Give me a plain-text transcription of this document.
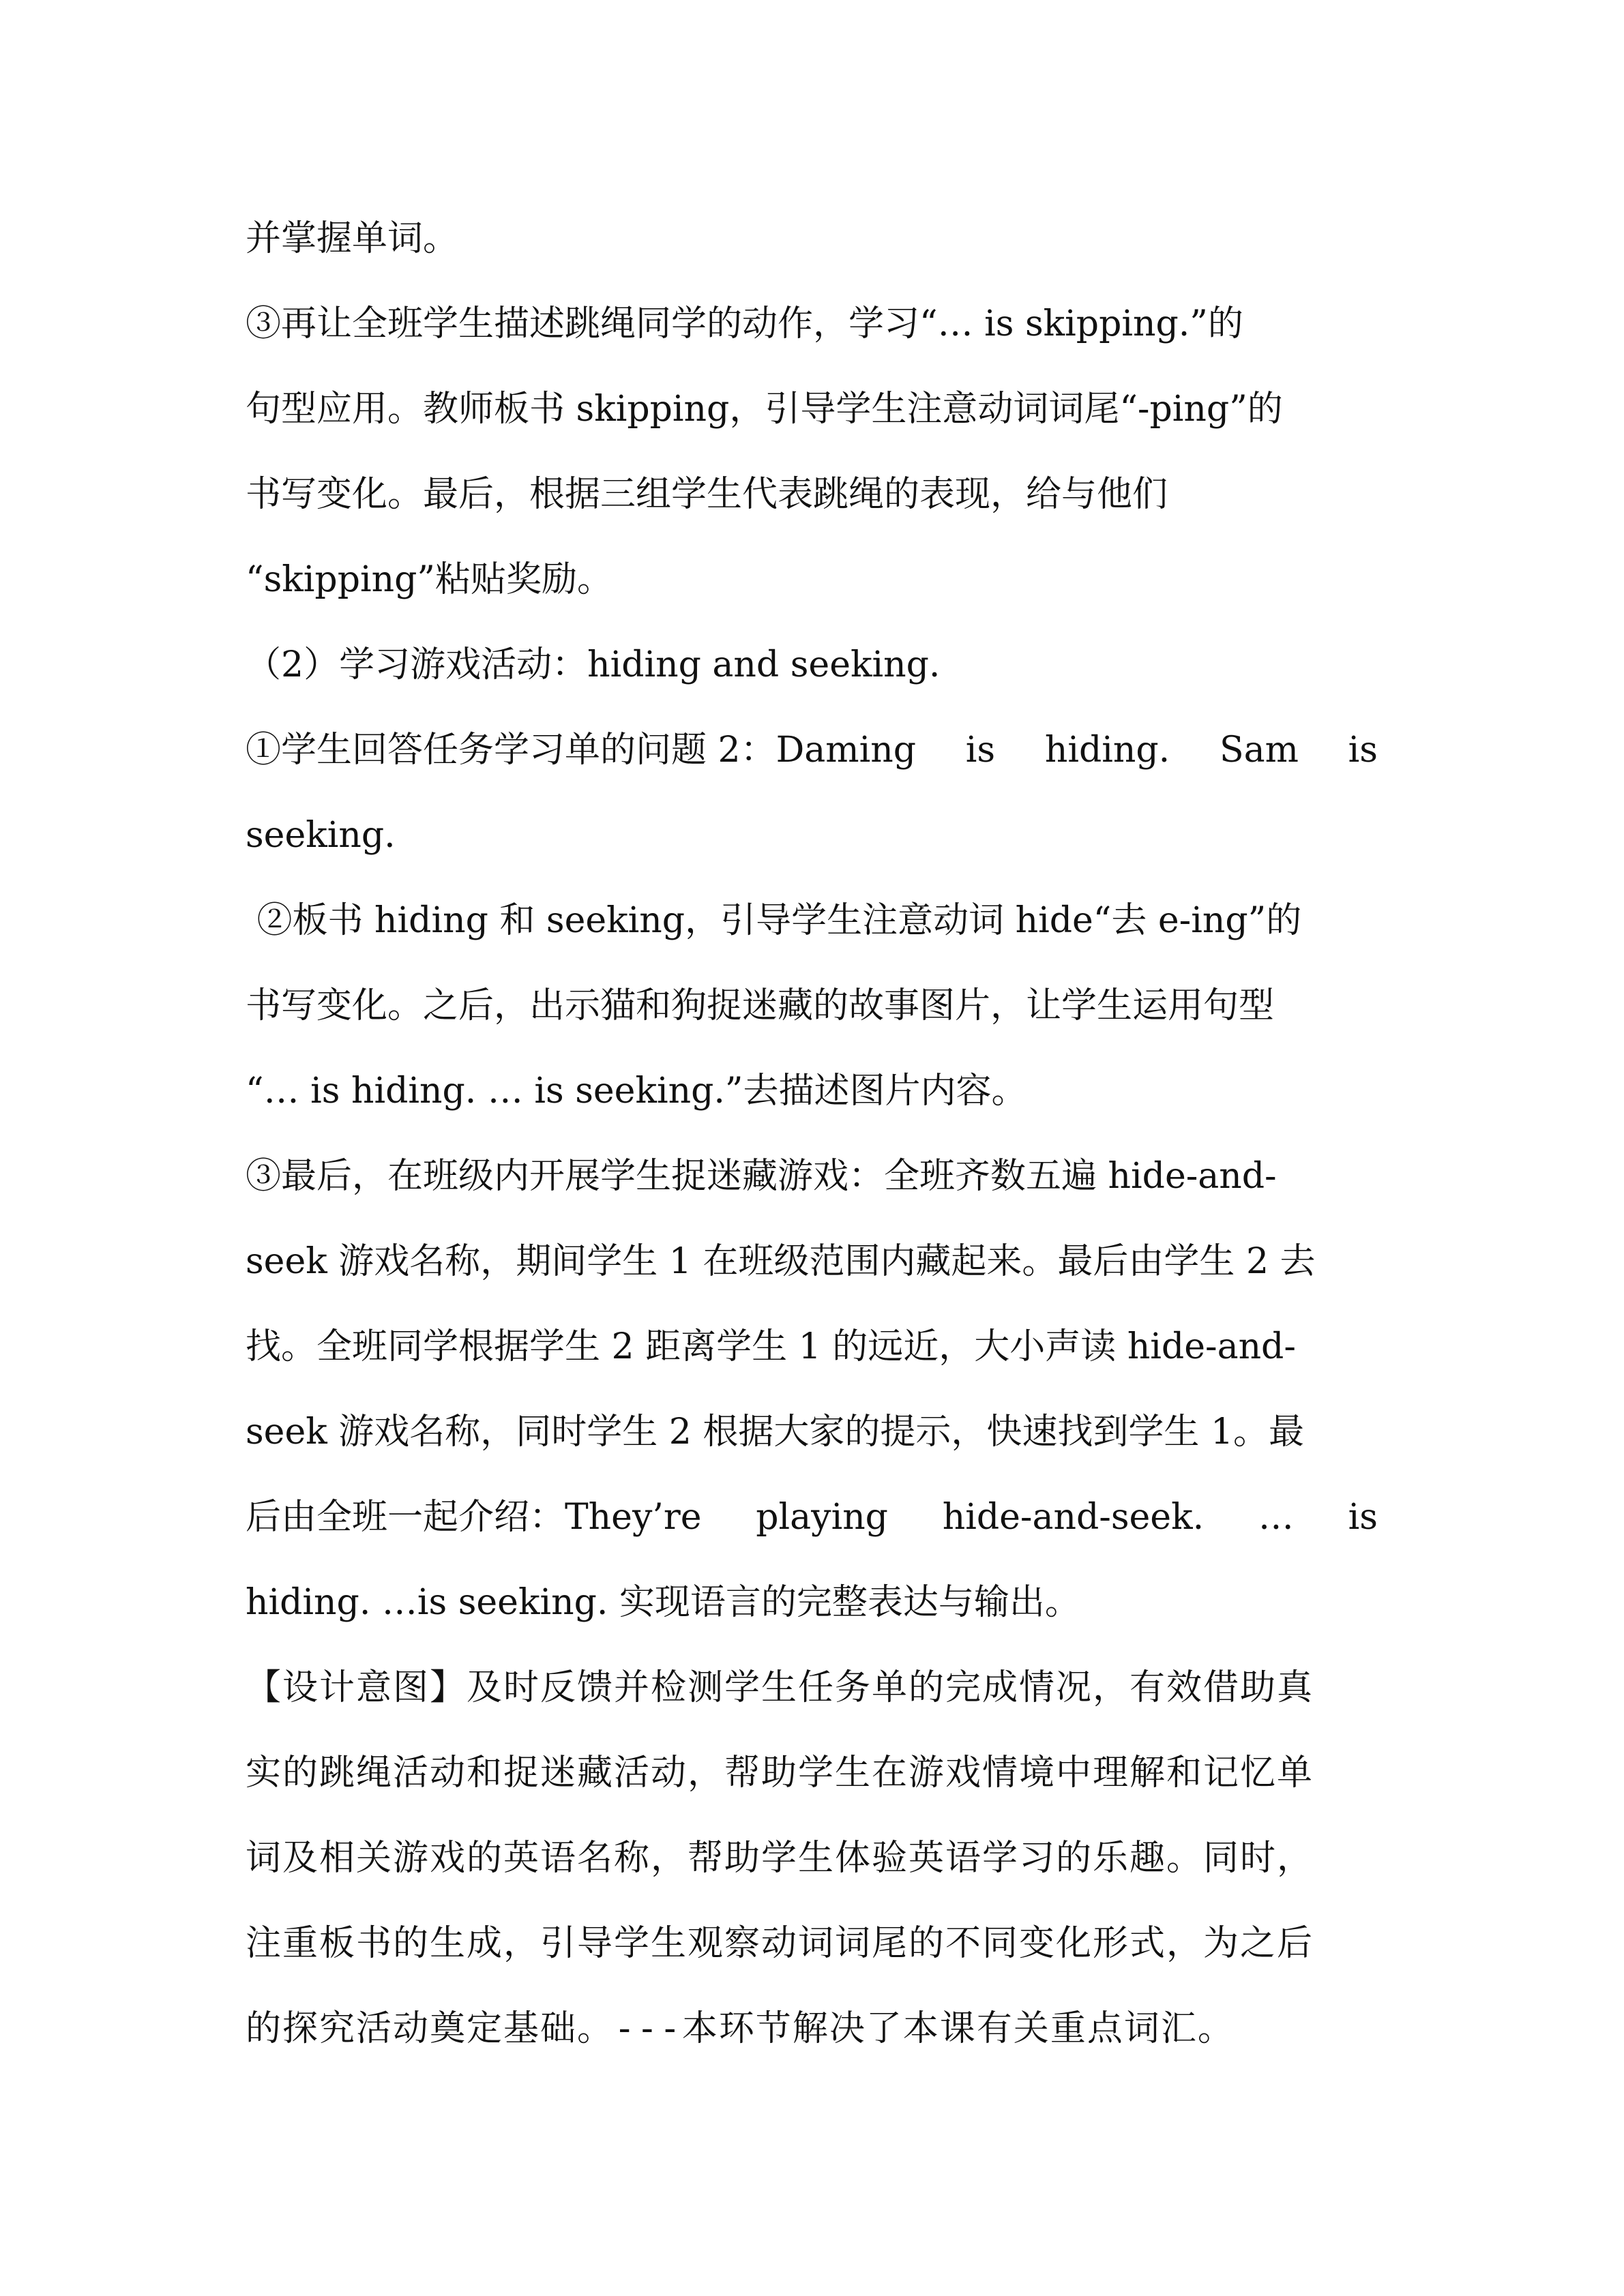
并掌握单词。
③再让全班学生描述跳绳同学的动作，学习“… is skipping.”的
句型应用。教师板书 skipping，引导学生注意动词词尾“-ping”的
书写变化。最后，根据三组学生代表跳绳的表现，给与他们
“skipping”粘贴奖励。
（2）学习游戏活动：hiding and seeking.
①学生回答任务学习单的问题 2：Daming is hiding. Sam is
seeking.
②板书 hiding 和 seeking，引导学生注意动词 hide“去 e-ing”的
书写变化。之后，出示猫和狗捉迷藏的故事图片，让学生运用句型
“… is hiding. … is seeking.”去描述图片内容。
③最后，在班级内开展学生捉迷藏游戏：全班齐数五遍 hide-and-
seek 游戏名称，期间学生 1 在班级范围内藏起来。最后由学生 2 去
找。全班同学根据学生 2 距离学生 1 的远近，大小声读 hide-and-
seek 游戏名称，同时学生 2 根据大家的提示，快速找到学生 1。最
后由全班一起介绍：They’re playing hide-and-seek. … is
hiding. …is seeking. 实现语言的完整表达与输出。
【设计意图】及时反馈并检测学生任务单的完成情况，有效借助真
实的跳绳活动和捉迷藏活动，帮助学生在游戏情境中理解和记忆单
词及相关游戏的英语名称，帮助学生体验英语学习的乐趣。同时，
注重板书的生成，引导学生观察动词词尾的不同变化形式，为之后
的探究活动奠定基础。---本环节解决了本课有关重点词汇。
